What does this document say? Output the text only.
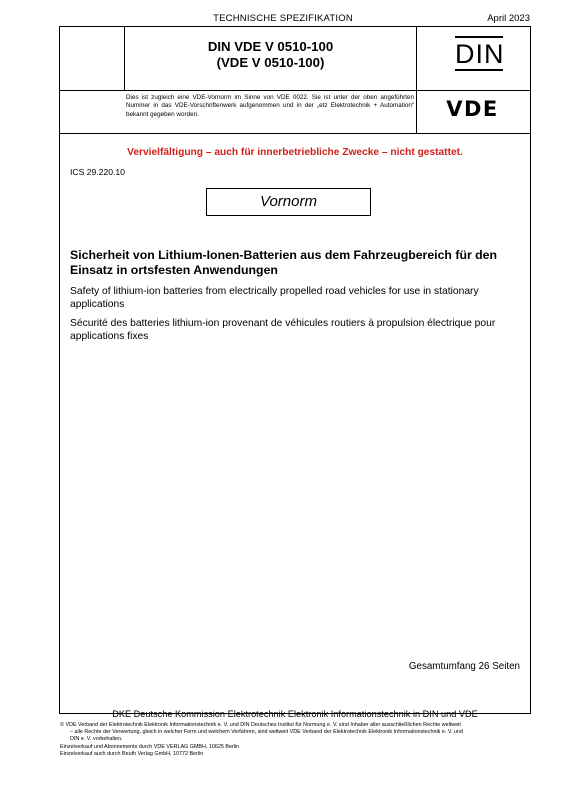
TECHNISCHE SPEZIFIKATION	April 2023
DIN VDE V 0510-100
(VDE V 0510-100)	DIN
Dies ist zugleich eine VDE-Vornorm im Sinne von VDE 0022. Sie ist unter der oben angeführten Nummer in das VDE-Vorschriftenwerk aufgenommen und in der „etz Elektrotechnik + Automation“ bekannt gegeben worden.	VDE
Vervielfältigung – auch für innerbetriebliche Zwecke – nicht gestattet.
ICS 29.220.10
Vornorm
Sicherheit von Lithium-Ionen-Batterien aus dem Fahrzeugbereich für den Einsatz in ortsfesten Anwendungen
Safety of lithium-ion batteries from electrically propelled road vehicles for use in stationary applications
Sécurité des batteries lithium-ion provenant de véhicules routiers à propulsion électrique pour applications fixes
Gesamtumfang 26 Seiten
DKE Deutsche Kommission Elektrotechnik Elektronik Informationstechnik in DIN und VDE
© VDE Verband der Elektrotechnik Elektronik Informationstechnik e. V. und DIN Deutsches Institut für Normung e. V. sind Inhaber aller ausschließlichen Rechte weltweit
– alle Rechte der Verwertung, gleich in welcher Form und welchem Verfahren, sind weltweit VDE Verband der Elektrotechnik Elektronik Informationstechnik e. V. und
DIN e. V. vorbehalten.
Einzelverkauf und Abonnements durch VDE VERLAG GMBH, 10625 Berlin
Einzelverkauf auch durch Beuth Verlag GmbH, 10772 Berlin
